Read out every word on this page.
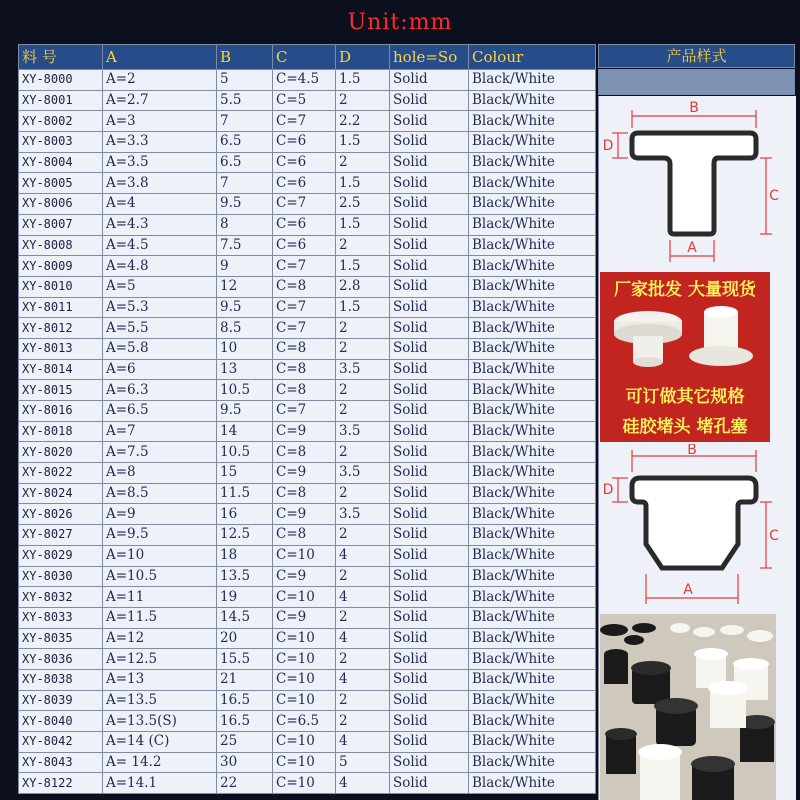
Unit:mm
料 号	A	B	C	D	hole=So	Colour
XY-8000	A=2	5	C=4.5	1.5	Solid	Black/White
XY-8001	A=2.7	5.5	C=5	2	Solid	Black/White
XY-8002	A=3	7	C=7	2.2	Solid	Black/White
XY-8003	A=3.3	6.5	C=6	1.5	Solid	Black/White
XY-8004	A=3.5	6.5	C=6	2	Solid	Black/White
XY-8005	A=3.8	7	C=6	1.5	Solid	Black/White
XY-8006	A=4	9.5	C=7	2.5	Solid	Black/White
XY-8007	A=4.3	8	C=6	1.5	Solid	Black/White
XY-8008	A=4.5	7.5	C=6	2	Solid	Black/White
XY-8009	A=4.8	9	C=7	1.5	Solid	Black/White
XY-8010	A=5	12	C=8	2.8	Solid	Black/White
XY-8011	A=5.3	9.5	C=7	1.5	Solid	Black/White
XY-8012	A=5.5	8.5	C=7	2	Solid	Black/White
XY-8013	A=5.8	10	C=8	2	Solid	Black/White
XY-8014	A=6	13	C=8	3.5	Solid	Black/White
XY-8015	A=6.3	10.5	C=8	2	Solid	Black/White
XY-8016	A=6.5	9.5	C=7	2	Solid	Black/White
XY-8018	A=7	14	C=9	3.5	Solid	Black/White
XY-8020	A=7.5	10.5	C=8	2	Solid	Black/White
XY-8022	A=8	15	C=9	3.5	Solid	Black/White
XY-8024	A=8.5	11.5	C=8	2	Solid	Black/White
XY-8026	A=9	16	C=9	3.5	Solid	Black/White
XY-8027	A=9.5	12.5	C=8	2	Solid	Black/White
XY-8029	A=10	18	C=10	4	Solid	Black/White
XY-8030	A=10.5	13.5	C=9	2	Solid	Black/White
XY-8032	A=11	19	C=10	4	Solid	Black/White
XY-8033	A=11.5	14.5	C=9	2	Solid	Black/White
XY-8035	A=12	20	C=10	4	Solid	Black/White
XY-8036	A=12.5	15.5	C=10	2	Solid	Black/White
XY-8038	A=13	21	C=10	4	Solid	Black/White
XY-8039	A=13.5	16.5	C=10	2	Solid	Black/White
XY-8040	A=13.5(S)	16.5	C=6.5	2	Solid	Black/White
XY-8042	A=14 (C)	25	C=10	4	Solid	Black/White
XY-8043	A= 14.2	30	C=10	5	Solid	Black/White
XY-8122	A=14.1	22	C=10	4	Solid	Black/White
产品样式
B
D
C
A
厂家批发 大量现货
可订做其它规格
硅胶堵头 堵孔塞
B
D
C
A
